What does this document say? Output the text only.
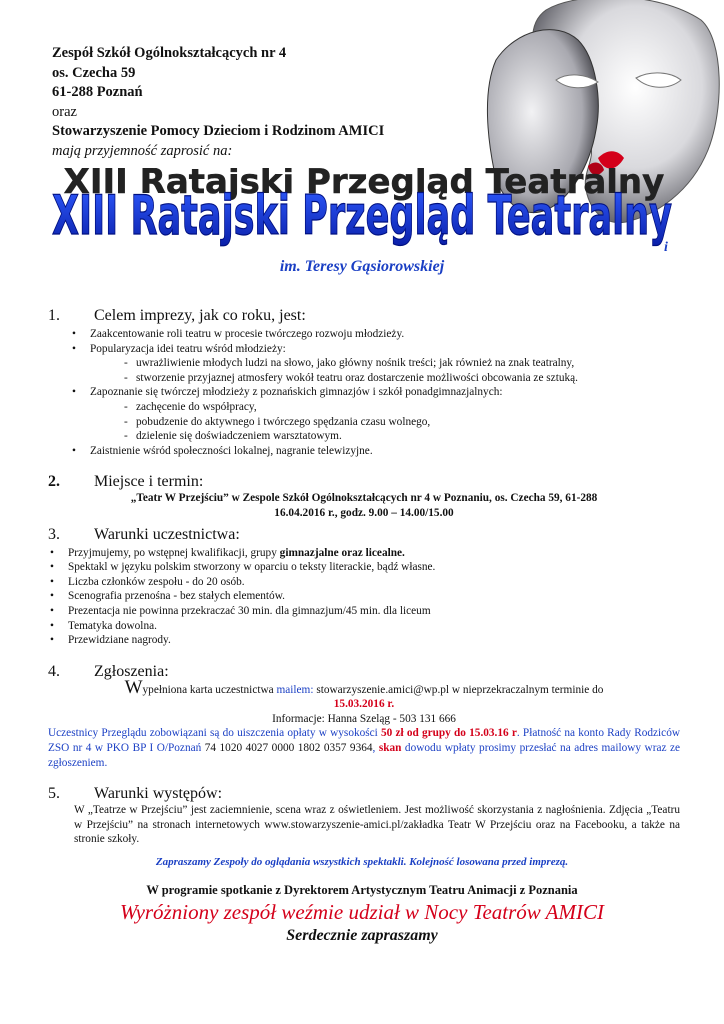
Zespół Szkół Ogólnokształcących nr 4
os. Czecha 59
61-288 Poznań
oraz
Stowarzyszenie Pomocy Dzieciom i Rodzinom AMICI
mają przyjemność zaprosić na:
XIII Ratajski Przegląd Teatralny
XIII Ratajski Przegląd Teatralny
i
im. Teresy Gąsiorowskiej
1.	Celem imprezy, jak co roku, jest:
• Zaakcentowanie roli teatru w procesie twórczego rozwoju młodzieży.
• Popularyzacja idei teatru wśród młodzieży:
- uwrażliwienie młodych ludzi na słowo, jako główny nośnik treści; jak również na znak teatralny,
- stworzenie przyjaznej atmosfery wokół teatru oraz dostarczenie możliwości obcowania ze sztuką.
• Zapoznanie się twórczej młodzieży z poznańskich gimnazjów i szkół ponadgimnazjalnych:
- zachęcenie do współpracy,
- pobudzenie do aktywnego i twórczego spędzania czasu wolnego,
- dzielenie się doświadczeniem warsztatowym.
• Zaistnienie wśród społeczności lokalnej, nagranie telewizyjne.
2.	Miejsce i termin:
„Teatr W Przejściu” w Zespole Szkół Ogólnokształcących nr 4 w Poznaniu, os. Czecha 59, 61-288
16.04.2016 r., godz. 9.00 – 14.00/15.00
3.	Warunki uczestnictwa:
• Przyjmujemy, po wstępnej kwalifikacji, grupy gimnazjalne oraz licealne.
• Spektakl w języku polskim stworzony w oparciu o teksty literackie, bądź własne.
• Liczba członków zespołu - do 20 osób.
• Scenografia przenośna - bez stałych elementów.
• Prezentacja nie powinna przekraczać 30 min. dla gimnazjum/45 min. dla liceum
• Tematyka dowolna.
• Przewidziane nagrody.
4.	Zgłoszenia:
Wypełniona karta uczestnictwa mailem: stowarzyszenie.amici@wp.pl w nieprzekraczalnym terminie do
15.03.2016 r.
Informacje: Hanna Szeląg - 503 131 666
Uczestnicy Przeglądu zobowiązani są do uiszczenia opłaty w wysokości 50 zł od grupy do 15.03.16 r. Płatność na konto Rady Rodziców ZSO nr 4 w PKO BP I O/Poznań 74 1020 4027 0000 1802 0357 9364, skan dowodu wpłaty prosimy przesłać na adres mailowy wraz ze zgłoszeniem.
5.	Warunki występów:
W „Teatrze w Przejściu” jest zaciemnienie, scena wraz z oświetleniem. Jest możliwość skorzystania z nagłośnienia. Zdjęcia „Teatru w Przejściu” na stronach internetowych www.stowarzyszenie-amici.pl/zakładka Teatr W Przejściu oraz na Facebooku, a także na stronie szkoły.
Zapraszamy Zespoły do oglądania wszystkich spektakli. Kolejność losowana przed imprezą.
W programie spotkanie z Dyrektorem Artystycznym Teatru Animacji z Poznania
Wyróżniony zespół weźmie udział w Nocy Teatrów AMICI
Serdecznie zapraszamy
